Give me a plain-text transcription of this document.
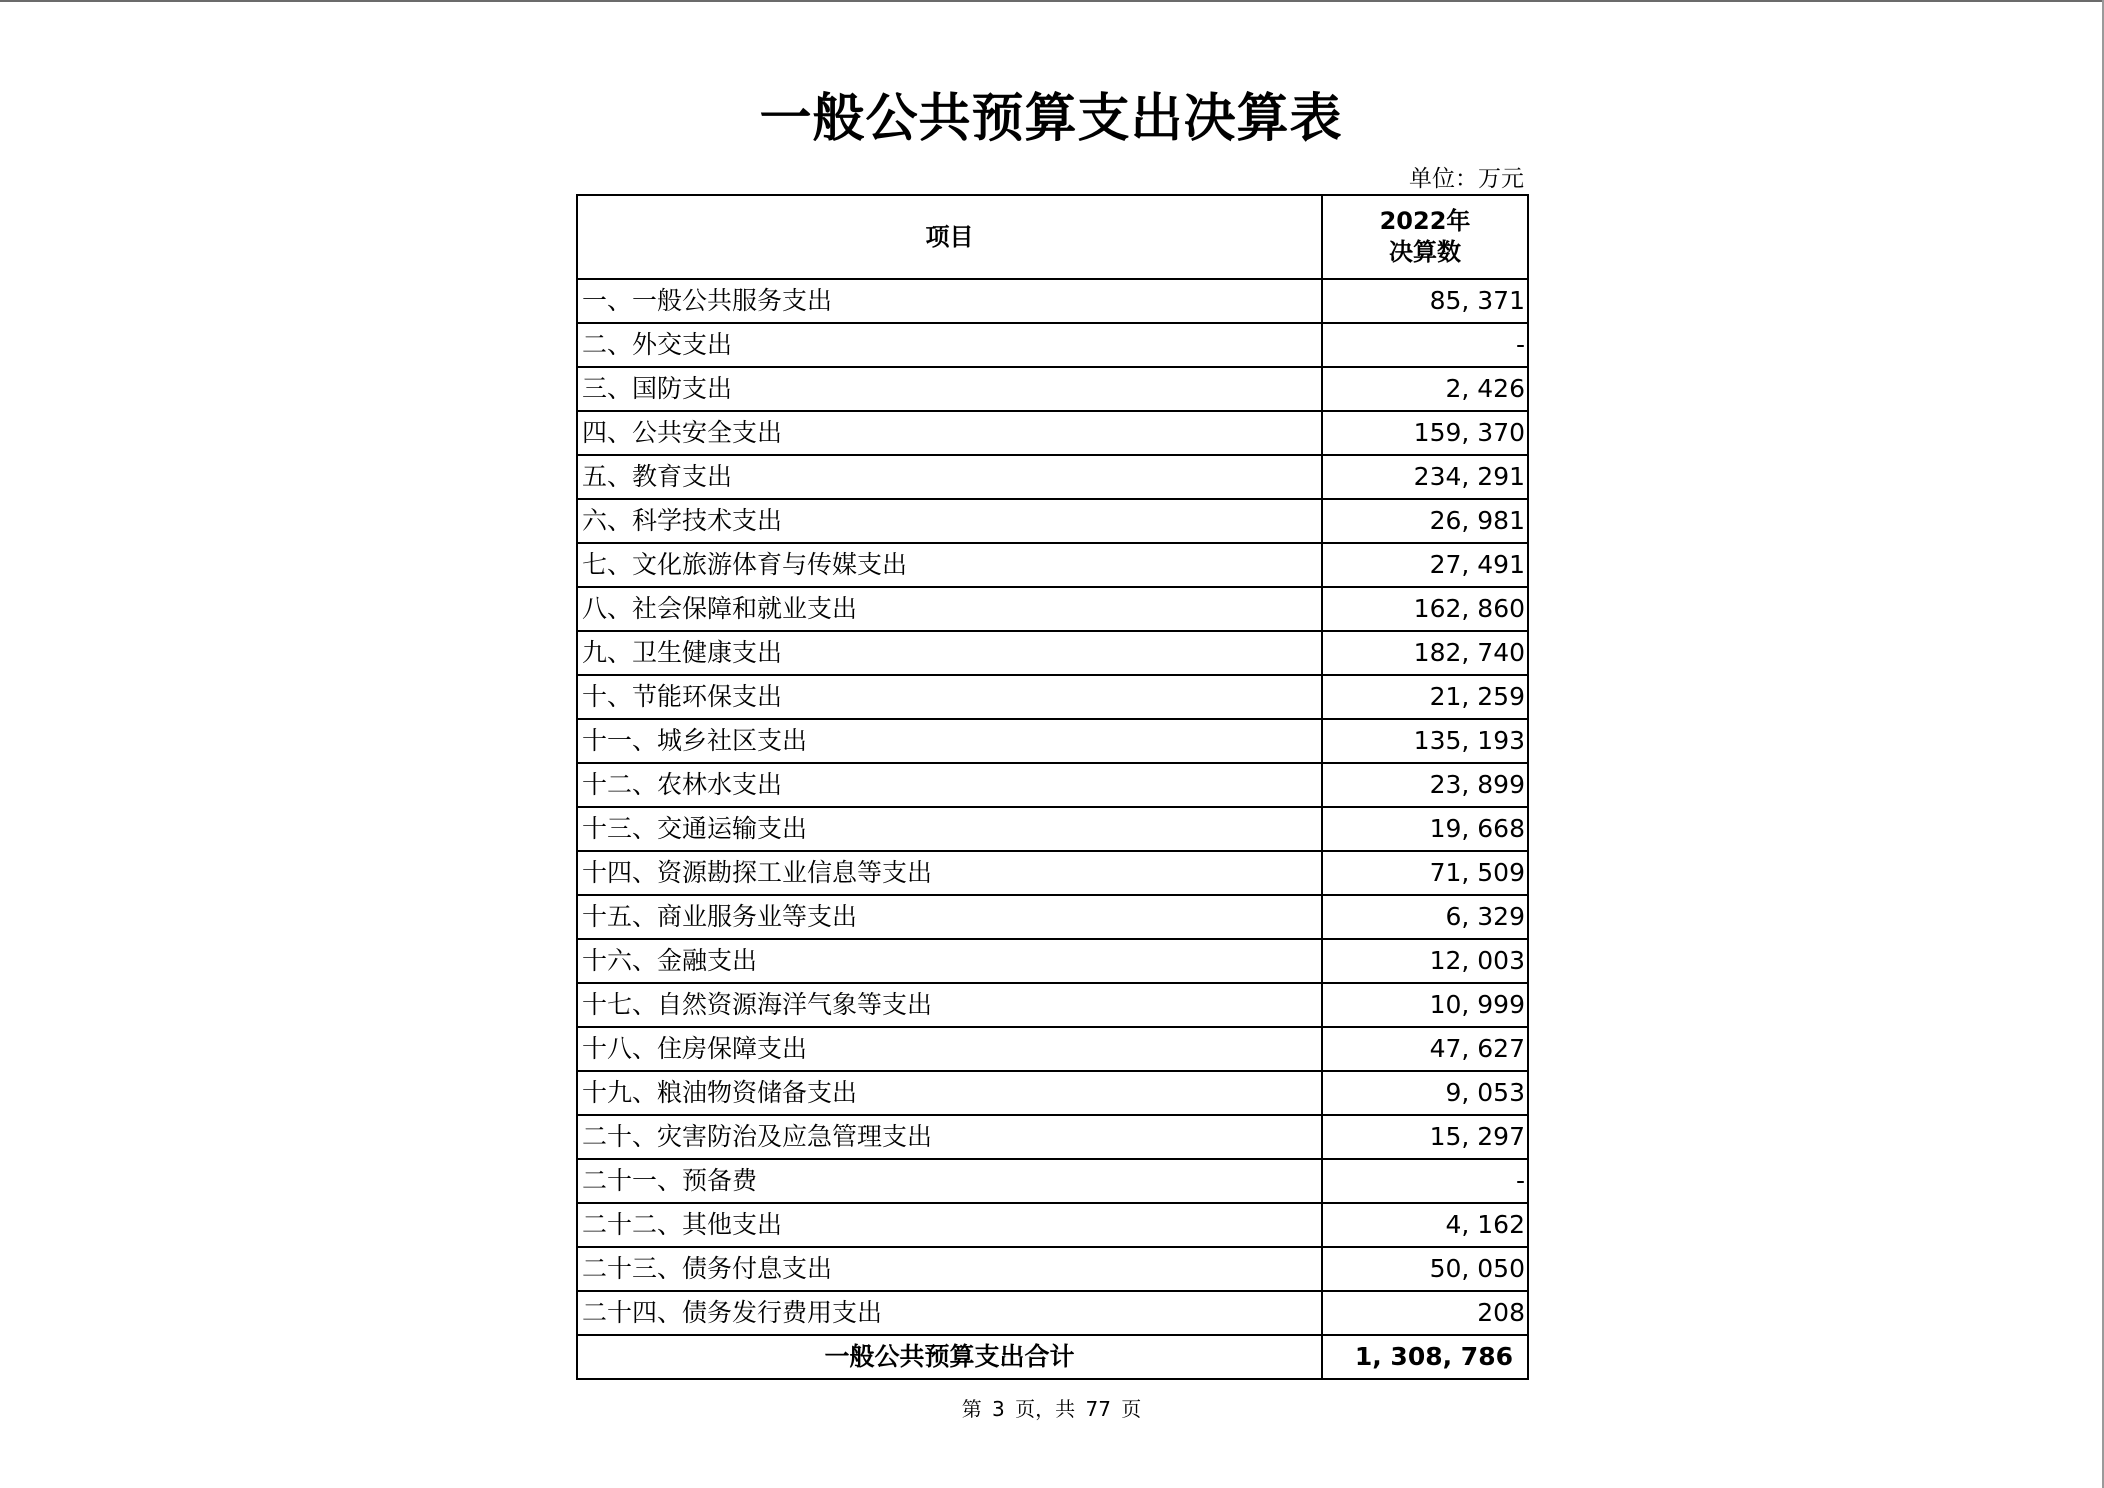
一般公共预算支出决算表
单位：万元
项目	2022年
决算数

一、一般公共服务支出	85, 371
二、外交支出	-
三、国防支出	2, 426
四、公共安全支出	159, 370
五、教育支出	234, 291
六、科学技术支出	26, 981
七、文化旅游体育与传媒支出	27, 491
八、社会保障和就业支出	162, 860
九、卫生健康支出	182, 740
十、节能环保支出	21, 259
十一、城乡社区支出	135, 193
十二、农林水支出	23, 899
十三、交通运输支出	19, 668
十四、资源勘探工业信息等支出	71, 509
十五、商业服务业等支出	6, 329
十六、金融支出	12, 003
十七、自然资源海洋气象等支出	10, 999
十八、住房保障支出	47, 627
十九、粮油物资储备支出	9, 053
二十、灾害防治及应急管理支出	15, 297
二十一、预备费	-
二十二、其他支出	4, 162
二十三、债务付息支出	50, 050
二十四、债务发行费用支出	208
一般公共预算支出合计	1, 308, 786
第 3 页，共 77 页
